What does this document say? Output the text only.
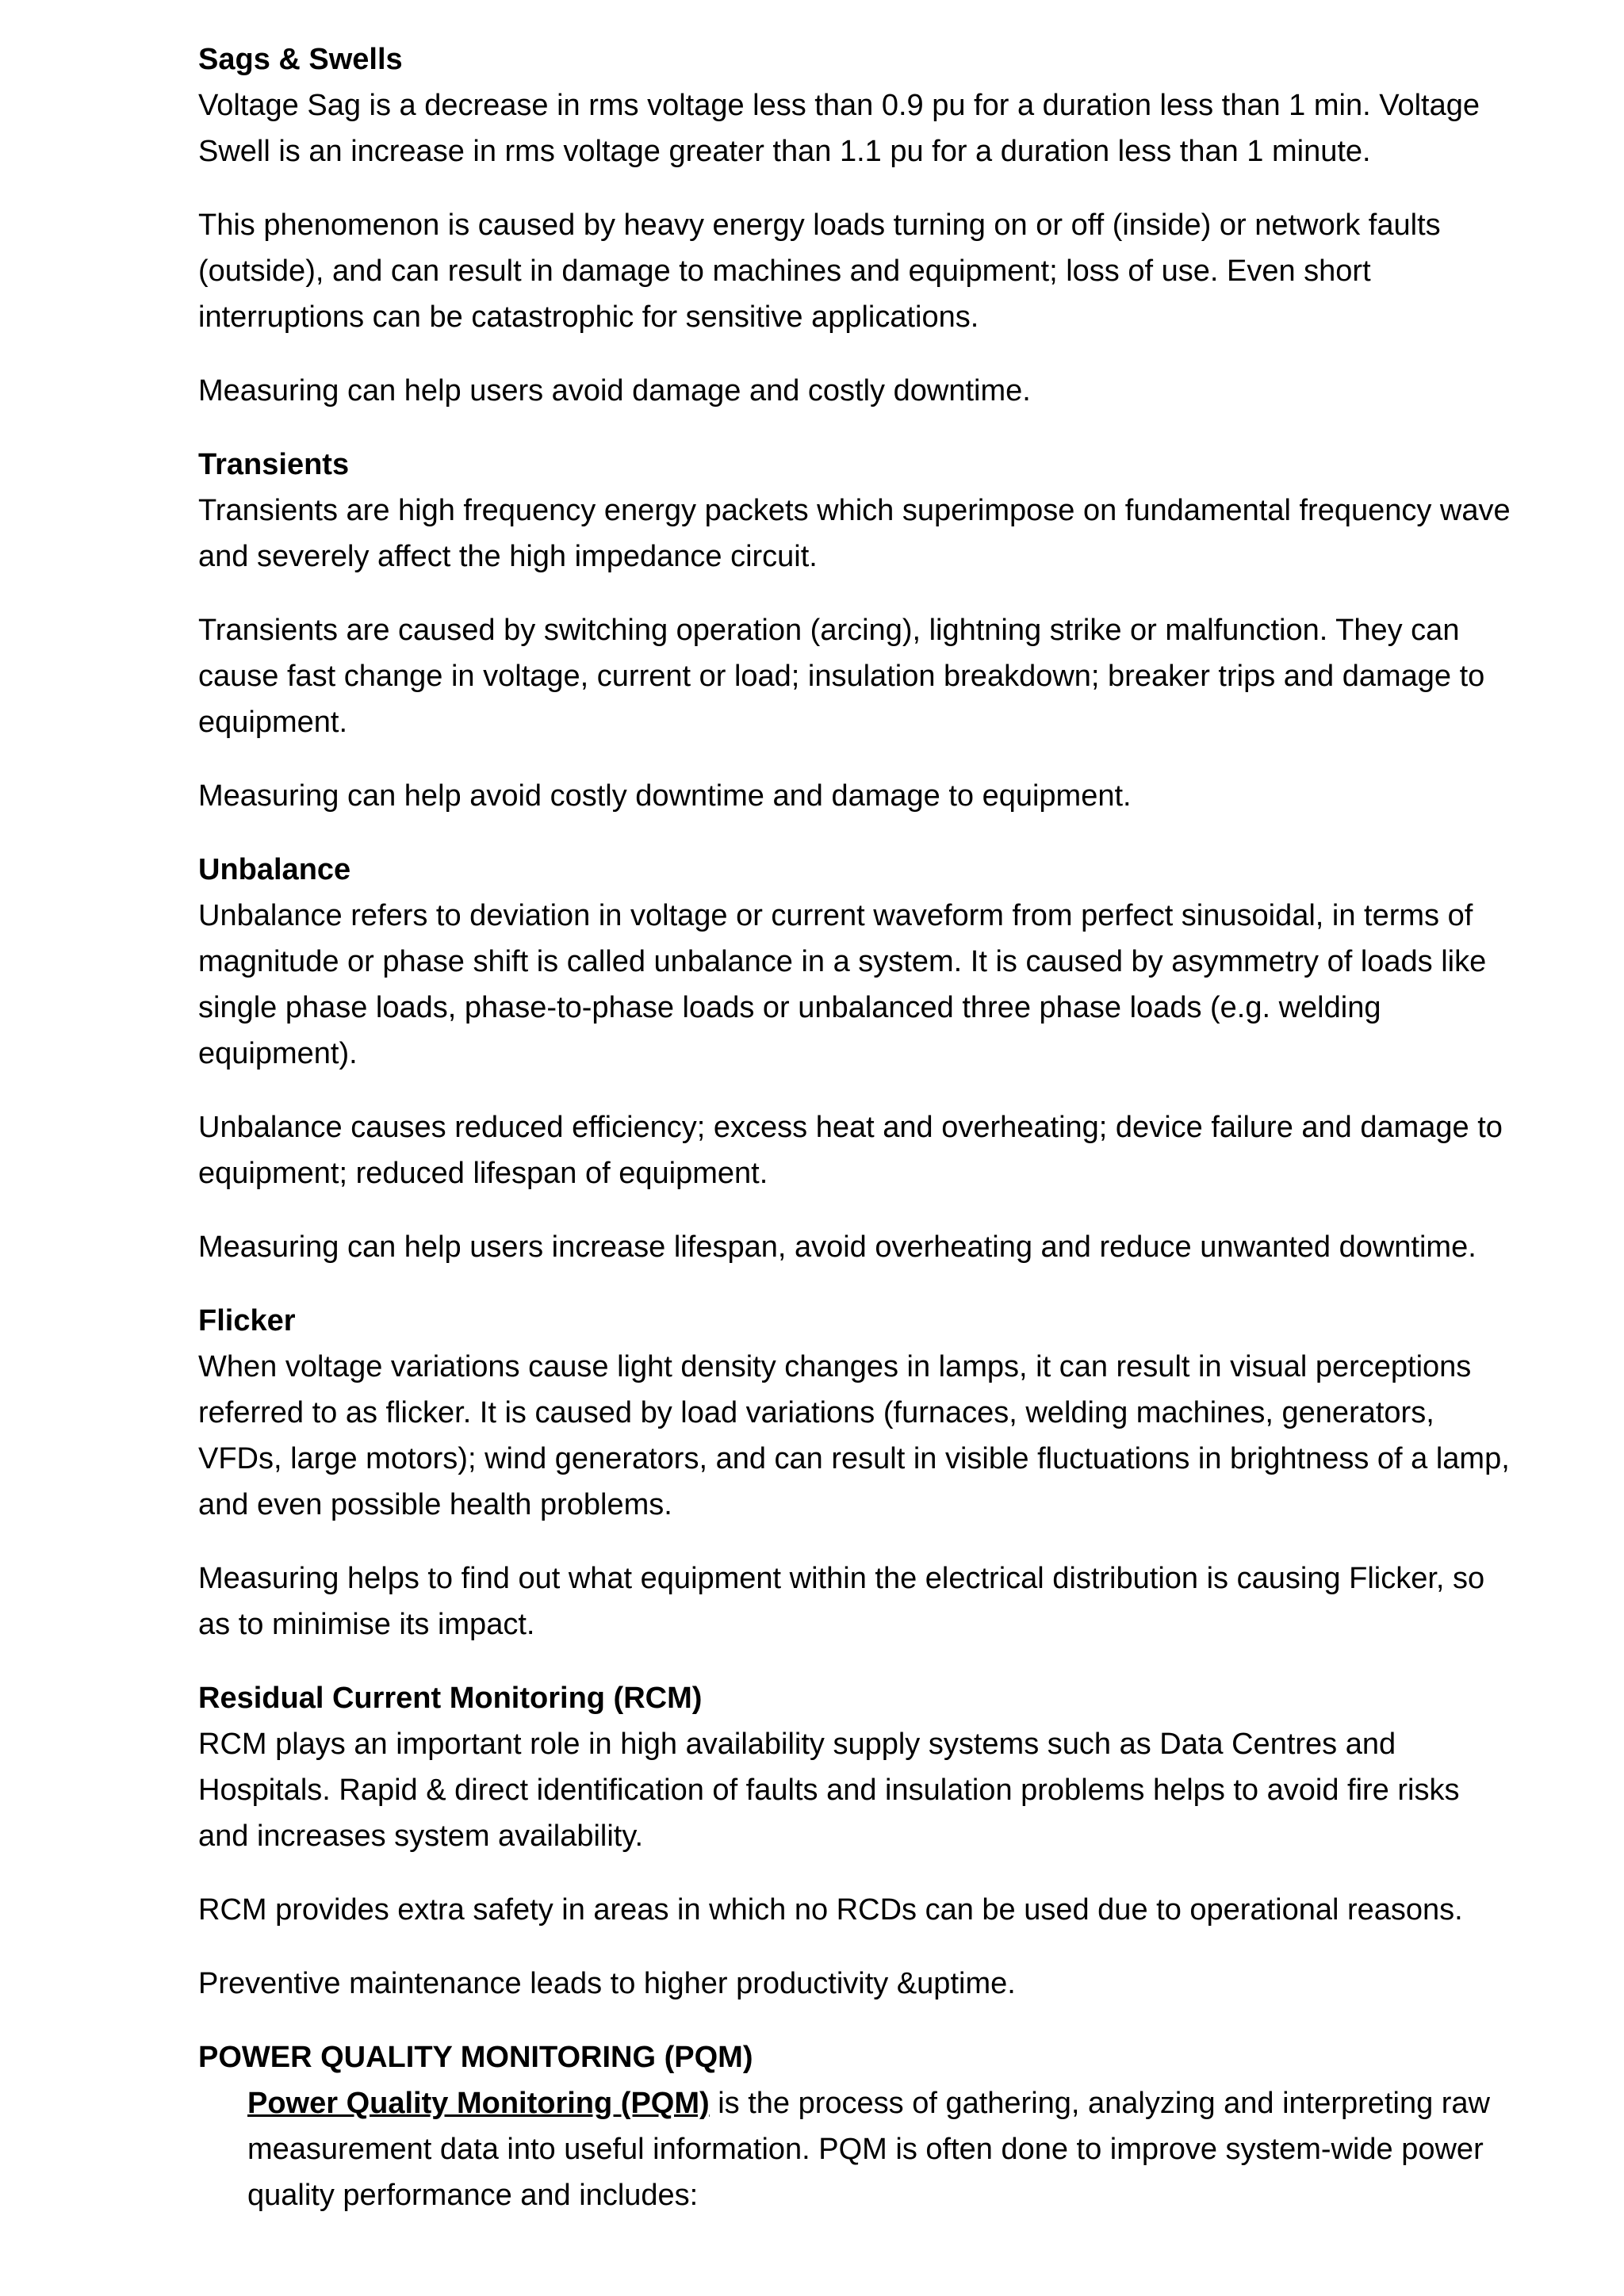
Sags & Swells

Voltage Sag is a decrease in rms voltage less than 0.9 pu for a duration less than 1 min. Voltage Swell is an increase in rms voltage greater than 1.1 pu for a duration less than 1 minute.

This phenomenon is caused by heavy energy loads turning on or off (inside) or network faults (outside), and can result in damage to machines and equipment; loss of use. Even short interruptions can be catastrophic for sensitive applications.

Measuring can help users avoid damage and costly downtime.

Transients

Transients are high frequency energy packets which superimpose on fundamental frequency wave and severely affect the high impedance circuit.

Transients are caused by switching operation (arcing), lightning strike or malfunction. They can cause fast change in voltage, current or load; insulation breakdown; breaker trips and damage to equipment.

Measuring can help avoid costly downtime and damage to equipment.

Unbalance

Unbalance refers to deviation in voltage or current waveform from perfect sinusoidal, in terms of magnitude or phase shift is called unbalance in a system. It is caused by asymmetry of loads like single phase loads, phase-to-phase loads or unbalanced three phase loads (e.g. welding equipment).

Unbalance causes reduced efficiency; excess heat and overheating; device failure and damage to equipment; reduced lifespan of equipment.

Measuring can help users increase lifespan, avoid overheating and reduce unwanted downtime.

Flicker

When voltage variations cause light density changes in lamps, it can result in visual perceptions referred to as flicker. It is caused by load variations (furnaces, welding machines, generators, VFDs, large motors); wind generators, and can result in visible fluctuations in brightness of a lamp, and even possible health problems.

Measuring helps to find out what equipment within the electrical distribution is causing Flicker, so as to minimise its impact.

Residual Current Monitoring (RCM)

RCM plays an important role in high availability supply systems such as Data Centres and Hospitals. Rapid & direct identification of faults and insulation problems helps to avoid fire risks and increases system availability.

RCM provides extra safety in areas in which no RCDs can be used due to operational reasons.

Preventive maintenance leads to higher productivity &uptime.

POWER QUALITY MONITORING (PQM)

Power Quality Monitoring (PQM) is the process of gathering, analyzing and interpreting raw measurement data into useful information. PQM is often done to improve system-wide power quality performance and includes:
